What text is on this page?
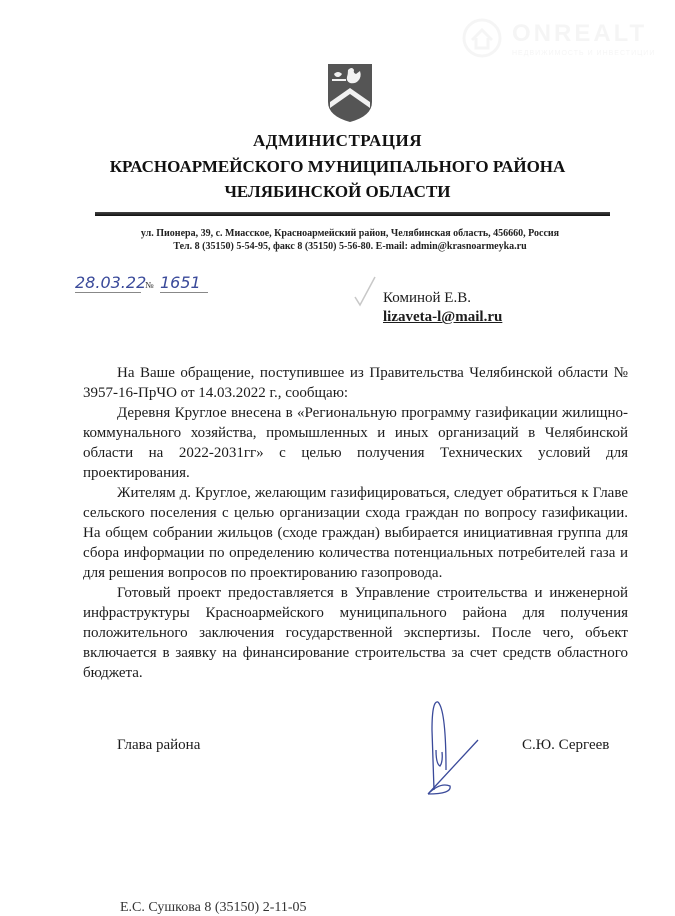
ONREALT
НЕДВИЖИМОСТЬ И ИНВЕСТИЦИИ
АДМИНИСТРАЦИЯ
КРАСНОАРМЕЙСКОГО МУНИЦИПАЛЬНОГО РАЙОНА
ЧЕЛЯБИНСКОЙ ОБЛАСТИ
ул. Пионера, 39, с. Миасское, Красноармейский район, Челябинская область, 456660, Россия
Тел. 8 (35150) 5-54-95, факс 8 (35150) 5-56-80. E-mail: admin@krasnoarmeyka.ru
28.03.22
№ 1651
Коминой Е.В.
lizaveta-l@mail.ru

На Ваше обращение, поступившее из Правительства Челябинской области № 3957-16-ПрЧО от 14.03.2022 г., сообщаю:

Деревня Круглое внесена в «Региональную программу газификации жилищно-коммунального хозяйства, промышленных и иных организаций в Челябинской области на 2022-2031гг» с целью получения Технических условий для проектирования.

Жителям д. Круглое, желающим газифицироваться, следует обратиться к Главе сельского поселения с целью организации схода граждан по вопросу газификации. На общем собрании жильцов (сходе граждан) выбирается инициативная группа для сбора информации по определению количества потенциальных потребителей газа и для решения вопросов по проектированию газопровода.

Готовый проект предоставляется в Управление строительства и инженерной инфраструктуры Красноармейского муниципального района для получения положительного заключения государственной экспертизы. После чего, объект включается в заявку на финансирование строительства за счет средств областного бюджета.

Глава района	С.Ю. Сергеев
Е.С. Сушкова 8 (35150) 2-11-05
